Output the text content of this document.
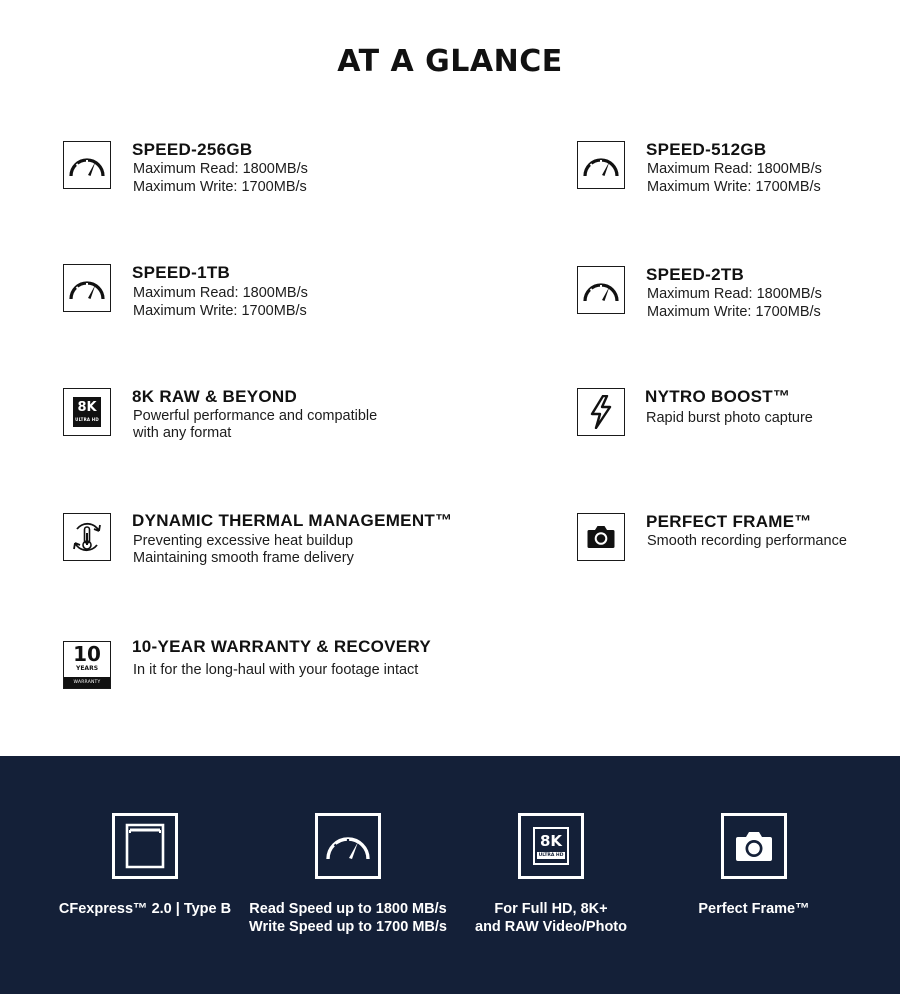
AT A GLANCE
SPEED-256GB
Maximum Read: 1800MB/s
Maximum Write: 1700MB/s
SPEED-512GB
Maximum Read: 1800MB/s
Maximum Write: 1700MB/s
SPEED-1TB
Maximum Read: 1800MB/s
Maximum Write: 1700MB/s
SPEED-2TB
Maximum Read: 1800MB/s
Maximum Write: 1700MB/s
8K
ULTRA HD
8K RAW & BEYOND
Powerful performance and compatible
with any format
NYTRO BOOST™
Rapid burst photo capture
DYNAMIC THERMAL MANAGEMENT™
Preventing excessive heat buildup
Maintaining smooth frame delivery
PERFECT FRAME™
Smooth recording performance
10
YEARS
WARRANTY
10-YEAR WARRANTY & RECOVERY
In it for the long-haul with your footage intact
CFexpress™ 2.0 | Type B	Read Speed up to 1800 MB/s
Write Speed up to 1700 MB/s
8K
ULTRA HD
For Full HD, 8K+
and RAW Video/Photo
Perfect Frame™
